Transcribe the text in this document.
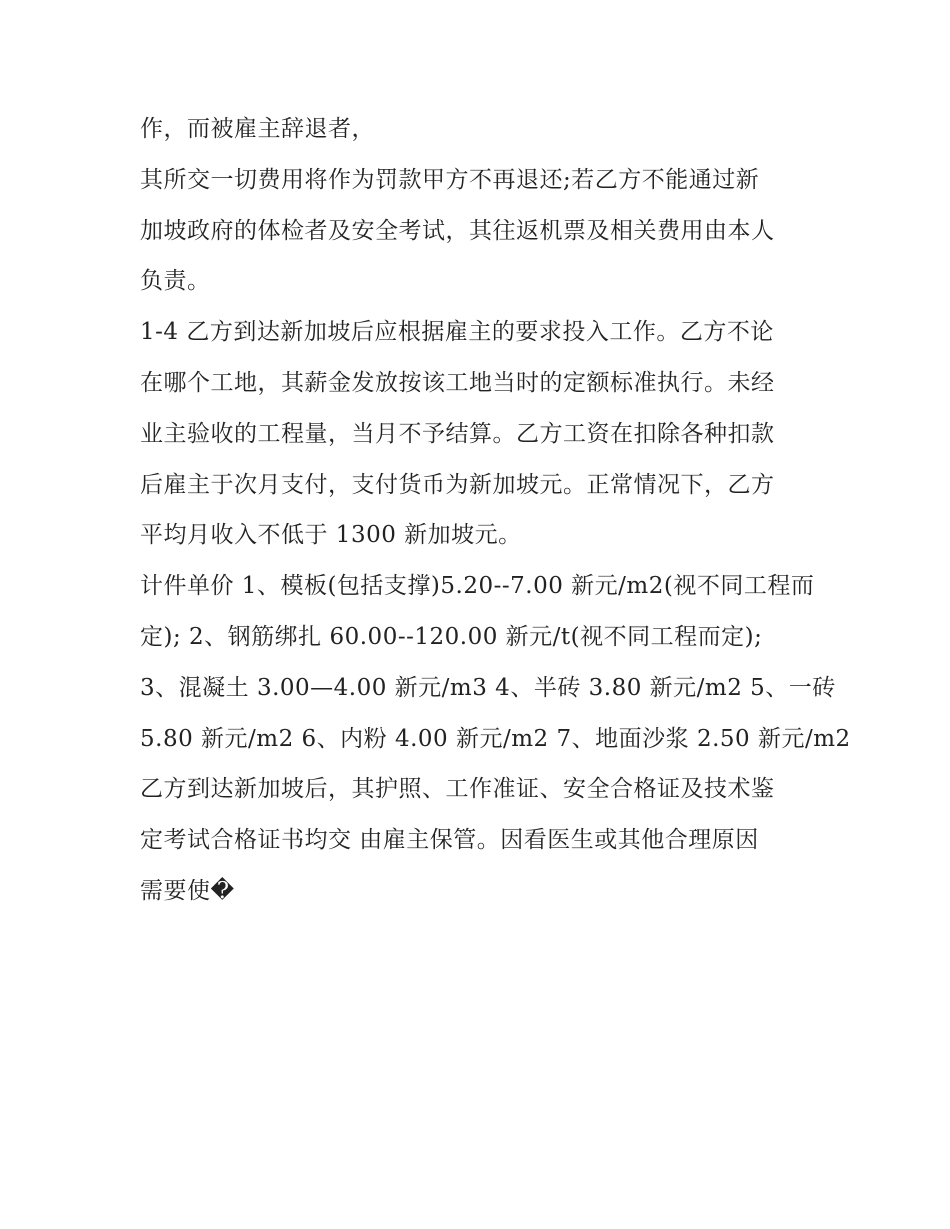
作，而被雇主辞退者，
其所交一切费用将作为罚款甲方不再退还;若乙方不能通过新
加坡政府的体检者及安全考试，其往返机票及相关费用由本人
负责。
1-4 乙方到达新加坡后应根据雇主的要求投入工作。乙方不论
在哪个工地，其薪金发放按该工地当时的定额标准执行。未经
业主验收的工程量，当月不予结算。乙方工资在扣除各种扣款
后雇主于次月支付，支付货币为新加坡元。正常情况下，乙方
平均月收入不低于 1300 新加坡元。
计件单价 1、模板(包括支撑)5.20--7.00 新元/m2(视不同工程而
定); 2、钢筋绑扎 60.00--120.00 新元/t(视不同工程而定);
3、混凝土 3.00—4.00 新元/m3 4、半砖 3.80 新元/m2 5、一砖
5.80 新元/m2 6、内粉 4.00 新元/m2 7、地面沙浆 2.50 新元/m2
乙方到达新加坡后，其护照、工作准证、安全合格证及技术鉴
定考试合格证书均交 由雇主保管。因看医生或其他合理原因
需要使�
